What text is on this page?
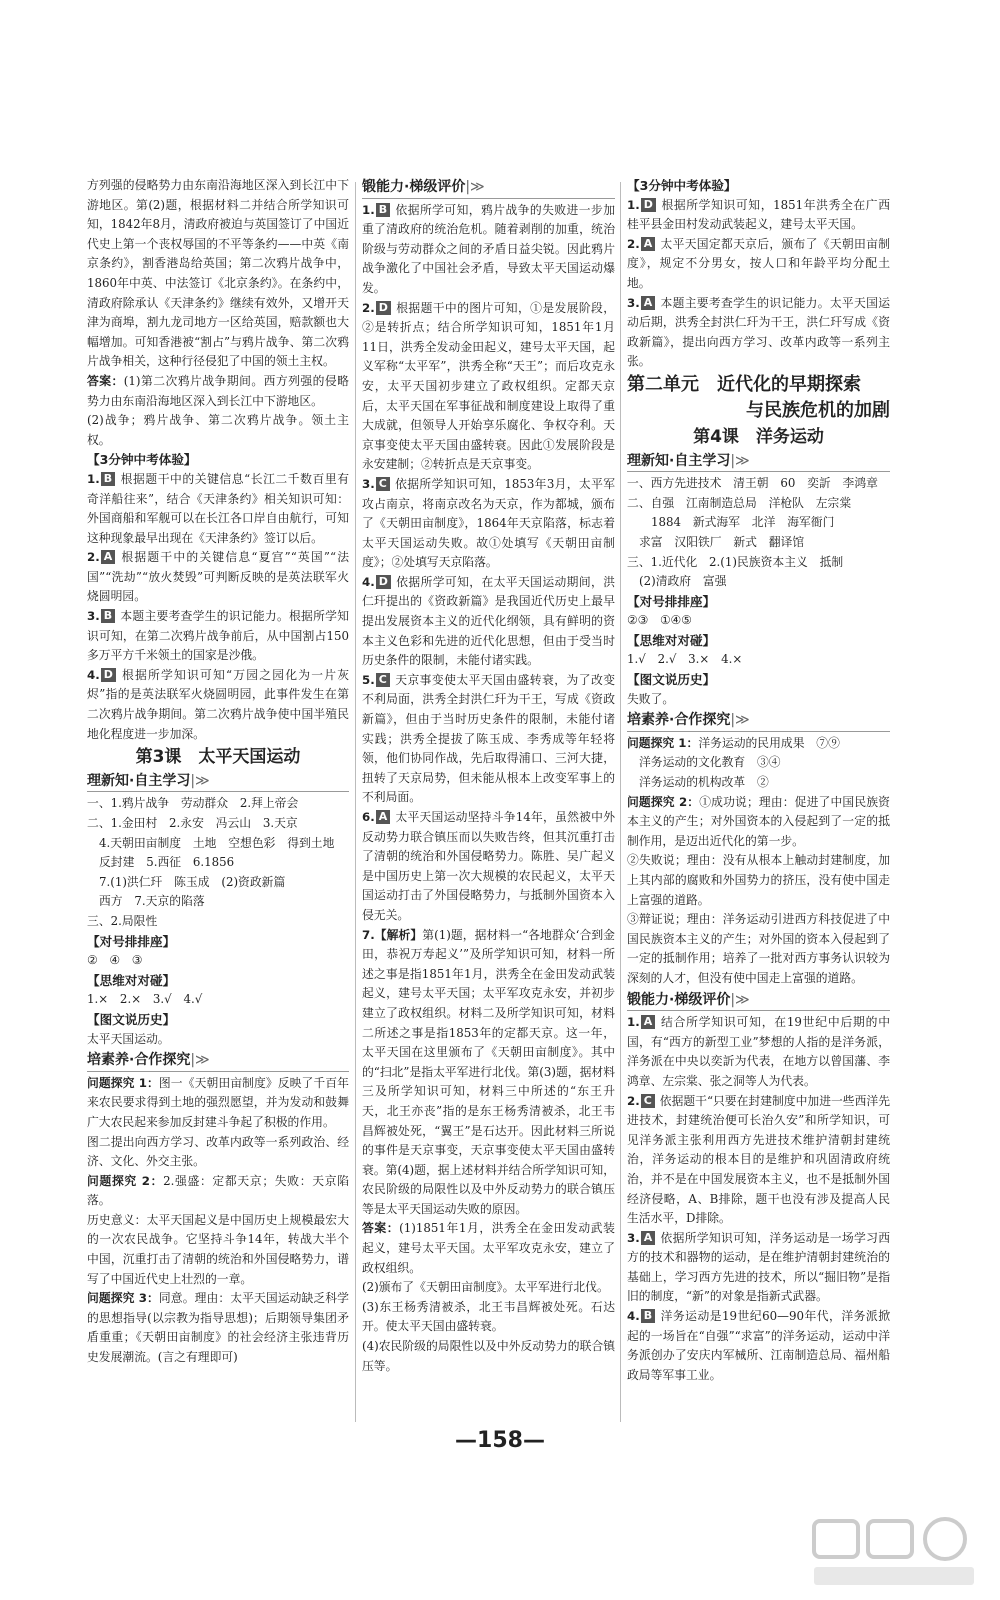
方列强的侵略势力由东南沿海地区深入到长江中下游地区。第(2)题，根据材料二并结合所学知识可知，1842年8月，清政府被迫与英国签订了中国近代史上第一个丧权辱国的不平等条约——中英《南京条约》，割香港岛给英国；第二次鸦片战争中，1860年中英、中法签订《北京条约》。在条约中，清政府除承认《天津条约》继续有效外，又增开天津为商埠，割九龙司地方一区给英国，赔款额也大幅增加。可知香港被“割占”与鸦片战争、第二次鸦片战争相关，这种行径侵犯了中国的领土主权。

答案：(1)第二次鸦片战争期间。西方列强的侵略势力由东南沿海地区深入到长江中下游地区。

(2)战争；鸦片战争、第二次鸦片战争。领土主权。

【3分钟中考体验】

1. B 根据题干中的关键信息“长江二千数百里有奇洋船往来”，结合《天津条约》相关知识可知：外国商船和军舰可以在长江各口岸自由航行，可知这种现象最早出现在《天津条约》签订以后。

2. A 根据题干中的关键信息“夏宫”“英国”“法国”“洗劫”“放火焚毁”可判断反映的是英法联军火烧圆明园。

3. B 本题主要考查学生的识记能力。根据所学知识可知，在第二次鸦片战争前后，从中国割占150多万平方千米领土的国家是沙俄。

4. D 根据所学知识可知“万园之园化为一片灰烬”指的是英法联军火烧圆明园，此事件发生在第二次鸦片战争期间。第二次鸦片战争使中国半殖民地化程度进一步加深。

第3课　太平天国运动
理新知·自主学习|≫
一、1.鸦片战争　劳动群众　2.拜上帝会
二、1.金田村　2.永安　冯云山　3.天京
4.天朝田亩制度　土地　空想色彩　得到土地　反封建　5.西征　6.1856
7.(1)洪仁玕　陈玉成　(2)资政新篇
西方　7.天京的陷落
三、2.局限性
【对号排排座】
②　④　③
【思维对对碰】
1.×　2.×　3.√　4.√
【图文说历史】
太平天国运动。
培素养·合作探究|≫

问题探究 1：图一《天朝田亩制度》反映了千百年来农民要求得到土地的强烈愿望，并为发动和鼓舞广大农民起来参加反封建斗争起了积极的作用。

图二提出向西方学习、改革内政等一系列政治、经济、文化、外交主张。

问题探究 2：2.强盛：定都天京；失败：天京陷落。

历史意义：太平天国起义是中国历史上规模最宏大的一次农民战争。它坚持斗争14年，转战大半个中国，沉重打击了清朝的统治和外国侵略势力，谱写了中国近代史上壮烈的一章。

问题探究 3：同意。理由：太平天国运动缺乏科学的思想指导(以宗教为指导思想)；后期领导集团矛盾重重；《天朝田亩制度》的社会经济主张违背历史发展潮流。(言之有理即可)

锻能力·梯级评价|≫

1. B 依据所学可知，鸦片战争的失败进一步加重了清政府的统治危机。随着剥削的加重，统治阶级与劳动群众之间的矛盾日益尖锐。因此鸦片战争激化了中国社会矛盾，导致太平天国运动爆发。

2. D 根据题干中的图片可知，①是发展阶段，②是转折点；结合所学知识可知，1851年1月11日，洪秀全发动金田起义，建号太平天国，起义军称“太平军”，洪秀全称“天王”；而后攻克永安，太平天国初步建立了政权组织。定都天京后，太平天国在军事征战和制度建设上取得了重大成就，但领导人开始享乐腐化、争权夺利。天京事变使太平天国由盛转衰。因此①发展阶段是永安建制；②转折点是天京事变。

3. C 依据所学知识可知，1853年3月，太平军攻占南京，将南京改名为天京，作为都城，颁布了《天朝田亩制度》，1864年天京陷落，标志着太平天国运动失败。故①处填写《天朝田亩制度》；②处填写天京陷落。

4. D 依据所学可知，在太平天国运动期间，洪仁玕提出的《资政新篇》是我国近代历史上最早提出发展资本主义的近代化纲领，具有鲜明的资本主义色彩和先进的近代化思想，但由于受当时历史条件的限制，未能付诸实践。

5. C 天京事变使太平天国由盛转衰，为了改变不利局面，洪秀全封洪仁玕为干王，写成《资政新篇》，但由于当时历史条件的限制，未能付诸实践；洪秀全提拔了陈玉成、李秀成等年轻将领，他们协同作战，先后取得浦口、三河大捷，扭转了天京局势，但未能从根本上改变军事上的不利局面。

6. A 太平天国运动坚持斗争14年，虽然被中外反动势力联合镇压而以失败告终，但其沉重打击了清朝的统治和外国侵略势力。陈胜、吴广起义是中国历史上第一次大规模的农民起义，太平天国运动打击了外国侵略势力，与抵制外国资本入侵无关。

7.【解析】第(1)题，据材料一“各地群众‘合到金田，恭祝万寿起义’”及所学知识可知，材料一所述之事是指1851年1月，洪秀全在金田发动武装起义，建号太平天国；太平军攻克永安，并初步建立了政权组织。材料二及所学知识可知，材料二所述之事是指1853年的定都天京。这一年，太平天国在这里颁布了《天朝田亩制度》。其中的“扫北”是指太平军进行北伐。第(3)题，据材料三及所学知识可知，材料三中所述的“东王升天，北王亦丧”指的是东王杨秀清被杀，北王韦昌辉被处死，“翼王”是石达开。因此材料三所说的事件是天京事变，天京事变使太平天国由盛转衰。第(4)题，据上述材料并结合所学知识可知，农民阶级的局限性以及中外反动势力的联合镇压等是太平天国运动失败的原因。

答案：(1)1851年1月，洪秀全在金田发动武装起义，建号太平天国。太平军攻克永安，建立了政权组织。

(2)颁布了《天朝田亩制度》。太平军进行北伐。

(3)东王杨秀清被杀，北王韦昌辉被处死。石达开。使太平天国由盛转衰。

(4)农民阶级的局限性以及中外反动势力的联合镇压等。

【3分钟中考体验】

1. D 根据所学知识可知，1851年洪秀全在广西桂平县金田村发动武装起义，建号太平天国。

2. A 太平天国定都天京后，颁布了《天朝田亩制度》，规定不分男女，按人口和年龄平均分配土地。

3. A 本题主要考查学生的识记能力。太平天国运动后期，洪秀全封洪仁玕为干王，洪仁玕写成《资政新篇》，提出向西方学习、改革内政等一系列主张。

第二单元　近代化的早期探索
与民族危机的加剧
第4课　洋务运动
理新知·自主学习|≫
一、西方先进技术　清王朝　60　奕訢　李鸿章
二、自强　江南制造总局　洋枪队　左宗棠
1884　新式海军　北洋　海军衙门
求富　汉阳铁厂　新式　翻译馆
三、1.近代化　2.(1)民族资本主义　抵制
(2)清政府　富强
【对号排排座】
②③　①④⑤
【思维对对碰】
1.√　2.√　3.×　4.×
【图文说历史】
失败了。
培素养·合作探究|≫
问题探究 1：洋务运动的民用成果　⑦⑨
洋务运动的文化教育　③④
洋务运动的机构改革　②

问题探究 2：①成功说；理由：促进了中国民族资本主义的产生；对外国资本的入侵起到了一定的抵制作用，是迈出近代化的第一步。

②失败说；理由：没有从根本上触动封建制度，加上其内部的腐败和外国势力的挤压，没有使中国走上富强的道路。

③辩证说；理由：洋务运动引进西方科技促进了中国民族资本主义的产生；对外国的资本入侵起到了一定的抵制作用；培养了一批对西方事务认识较为深刻的人才，但没有使中国走上富强的道路。

锻能力·梯级评价|≫

1. A 结合所学知识可知，在19世纪中后期的中国，有“西方的新型工业”梦想的人指的是洋务派，洋务派在中央以奕訢为代表，在地方以曾国藩、李鸿章、左宗棠、张之洞等人为代表。

2. C 依据题干“只要在封建制度中加进一些西洋先进技术，封建统治便可长治久安”和所学知识，可见洋务派主张利用西方先进技术维护清朝封建统治，洋务运动的根本目的是维护和巩固清政府统治，并不是在中国发展资本主义，也不是抵制外国经济侵略，A、B排除，题干也没有涉及提高人民生活水平，D排除。

3. A 依据所学知识可知，洋务运动是一场学习西方的技术和器物的运动，是在维护清朝封建统治的基础上，学习西方先进的技术，所以“掘旧物”是指旧的制度，“新”的对象是指新式武器。

4. B 洋务运动是19世纪60—90年代，洋务派掀起的一场旨在“自强”“求富”的洋务运动，运动中洋务派创办了安庆内军械所、江南制造总局、福州船政局等军事工业。

—158—
